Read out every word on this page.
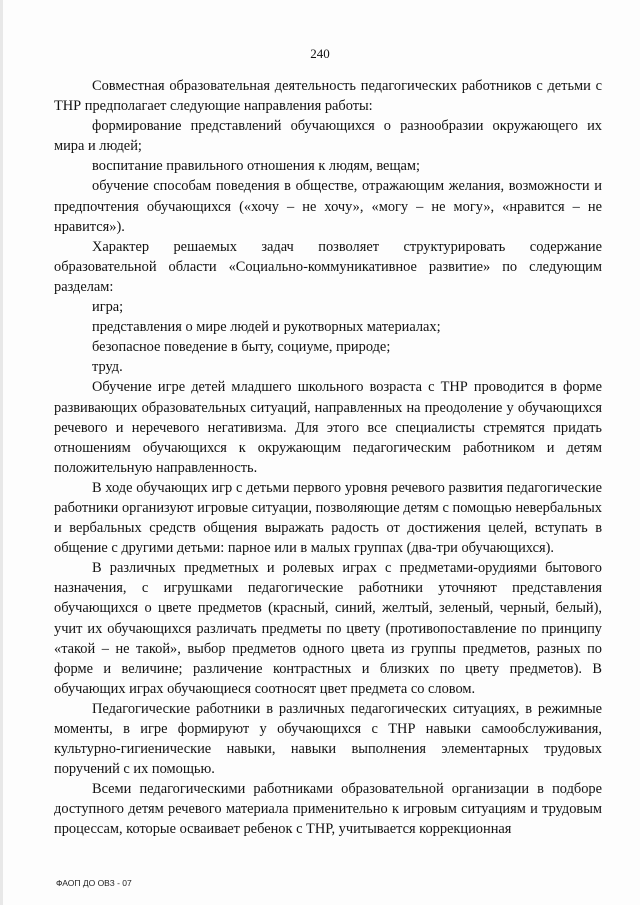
240

Совместная образовательная деятельность педагогических работников с детьми с ТНР предполагает следующие направления работы:

формирование представлений обучающихся о разнообразии окружающего их мира и людей;

воспитание правильного отношения к людям, вещам;

обучение способам поведения в обществе, отражающим желания, возможности и предпочтения обучающихся («хочу – не хочу», «могу – не могу», «нравится – не нравится»).

Характер решаемых задач позволяет структурировать содержание образовательной области «Социально-коммуникативное развитие» по следующим разделам:

игра;

представления о мире людей и рукотворных материалах;

безопасное поведение в быту, социуме, природе;

труд.

Обучение игре детей младшего школьного возраста с ТНР проводится в форме развивающих образовательных ситуаций, направленных на преодоление у обучающихся речевого и неречевого негативизма. Для этого все специалисты стремятся придать отношениям обучающихся к окружающим педагогическим работником и детям положительную направленность.

В ходе обучающих игр с детьми первого уровня речевого развития педагогические работники организуют игровые ситуации, позволяющие детям с помощью невербальных и вербальных средств общения выражать радость от достижения целей, вступать в общение с другими детьми: парное или в малых группах (два-три обучающихся).

В различных предметных и ролевых играх с предметами-орудиями бытового назначения, с игрушками педагогические работники уточняют представления обучающихся о цвете предметов (красный, синий, желтый, зеленый, черный, белый), учит их обучающихся различать предметы по цвету (противопоставление по принципу «такой – не такой», выбор предметов одного цвета из группы предметов, разных по форме и величине; различение контрастных и близких по цвету предметов). В обучающих играх обучающиеся соотносят цвет предмета со словом.

Педагогические работники в различных педагогических ситуациях, в режимные моменты, в игре формируют у обучающихся с ТНР навыки самообслуживания, культурно-гигиенические навыки, навыки выполнения элементарных трудовых поручений с их помощью.

Всеми педагогическими работниками образовательной организации в подборе доступного детям речевого материала применительно к игровым ситуациям и трудовым процессам, которые осваивает ребенок с ТНР, учитывается коррекционная

ФАОП ДО ОВЗ - 07
